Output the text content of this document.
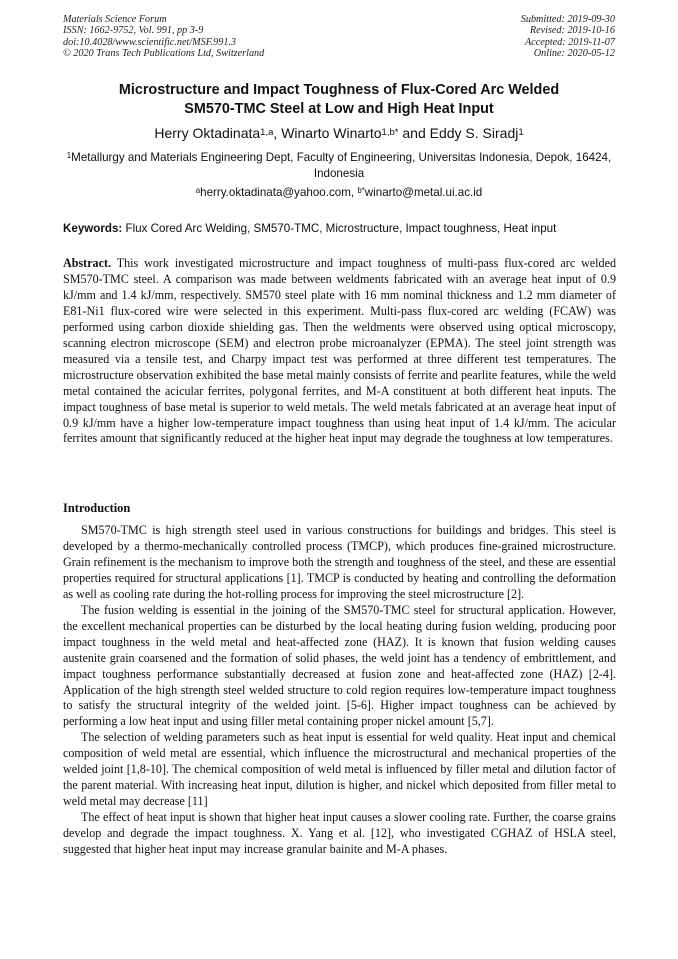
Materials Science Forum
ISSN: 1662-9752, Vol. 991, pp 3-9
doi:10.4028/www.scientific.net/MSF.991.3
© 2020 Trans Tech Publications Ltd, Switzerland
Submitted: 2019-09-30
Revised: 2019-10-16
Accepted: 2019-11-07
Online: 2020-05-12
Microstructure and Impact Toughness of Flux-Cored Arc Welded
SM570-TMC Steel at Low and High Heat Input
Herry Oktadinata$^{1,a}$, Winarto Winarto$^{1,b*}$ and Eddy S. Siradj$^1$
$^1$Metallurgy and Materials Engineering Dept, Faculty of Engineering, Universitas Indonesia, Depok, 16424, Indonesia
$^a$herry.oktadinata@yahoo.com, $^{b*}$winarto@metal.ui.ac.id
Keywords: Flux Cored Arc Welding, SM570-TMC, Microstructure, Impact toughness, Heat input
Abstract. This work investigated microstructure and impact toughness of multi-pass flux-cored arc welded SM570-TMC steel. A comparison was made between weldments fabricated with an average heat input of 0.9 kJ/mm and 1.4 kJ/mm, respectively. SM570 steel plate with 16 mm nominal thickness and 1.2 mm diameter of E81-Ni1 flux-cored wire were selected in this experiment. Multi-pass flux-cored arc welding (FCAW) was performed using carbon dioxide shielding gas. Then the weldments were observed using optical microscopy, scanning electron microscope (SEM) and electron probe microanalyzer (EPMA). The steel joint strength was measured via a tensile test, and Charpy impact test was performed at three different test temperatures. The microstructure observation exhibited the base metal mainly consists of ferrite and pearlite features, while the weld metal contained the acicular ferrites, polygonal ferrites, and M-A constituent at both different heat inputs. The impact toughness of base metal is superior to weld metals. The weld metals fabricated at an average heat input of 0.9 kJ/mm have a higher low-temperature impact toughness than using heat input of 1.4 kJ/mm. The acicular ferrites amount that significantly reduced at the higher heat input may degrade the toughness at low temperatures.
Introduction

SM570-TMC is high strength steel used in various constructions for buildings and bridges. This steel is developed by a thermo-mechanically controlled process (TMCP), which produces fine-grained microstructure. Grain refinement is the mechanism to improve both the strength and toughness of the steel, and these are essential properties required for structural applications [1]. TMCP is conducted by heating and controlling the deformation as well as cooling rate during the hot-rolling process for improving the steel microstructure [2].

The fusion welding is essential in the joining of the SM570-TMC steel for structural application. However, the excellent mechanical properties can be disturbed by the local heating during fusion welding, producing poor impact toughness in the weld metal and heat-affected zone (HAZ). It is known that fusion welding causes austenite grain coarsened and the formation of solid phases, the weld joint has a tendency of embrittlement, and impact toughness performance substantially decreased at fusion zone and heat-affected zone (HAZ) [2-4]. Application of the high strength steel welded structure to cold region requires low-temperature impact toughness to satisfy the structural integrity of the welded joint. [5-6]. Higher impact toughness can be achieved by performing a low heat input and using filler metal containing proper nickel amount [5,7].

The selection of welding parameters such as heat input is essential for weld quality. Heat input and chemical composition of weld metal are essential, which influence the microstructural and mechanical properties of the welded joint [1,8-10]. The chemical composition of weld metal is influenced by filler metal and dilution factor of the parent material. With increasing heat input, dilution is higher, and nickel which deposited from filler metal to weld metal may decrease [11]

The effect of heat input is shown that higher heat input causes a slower cooling rate. Further, the coarse grains develop and degrade the impact toughness. X. Yang et al. [12], who investigated CGHAZ of HSLA steel, suggested that higher heat input may increase granular bainite and M-A phases.
